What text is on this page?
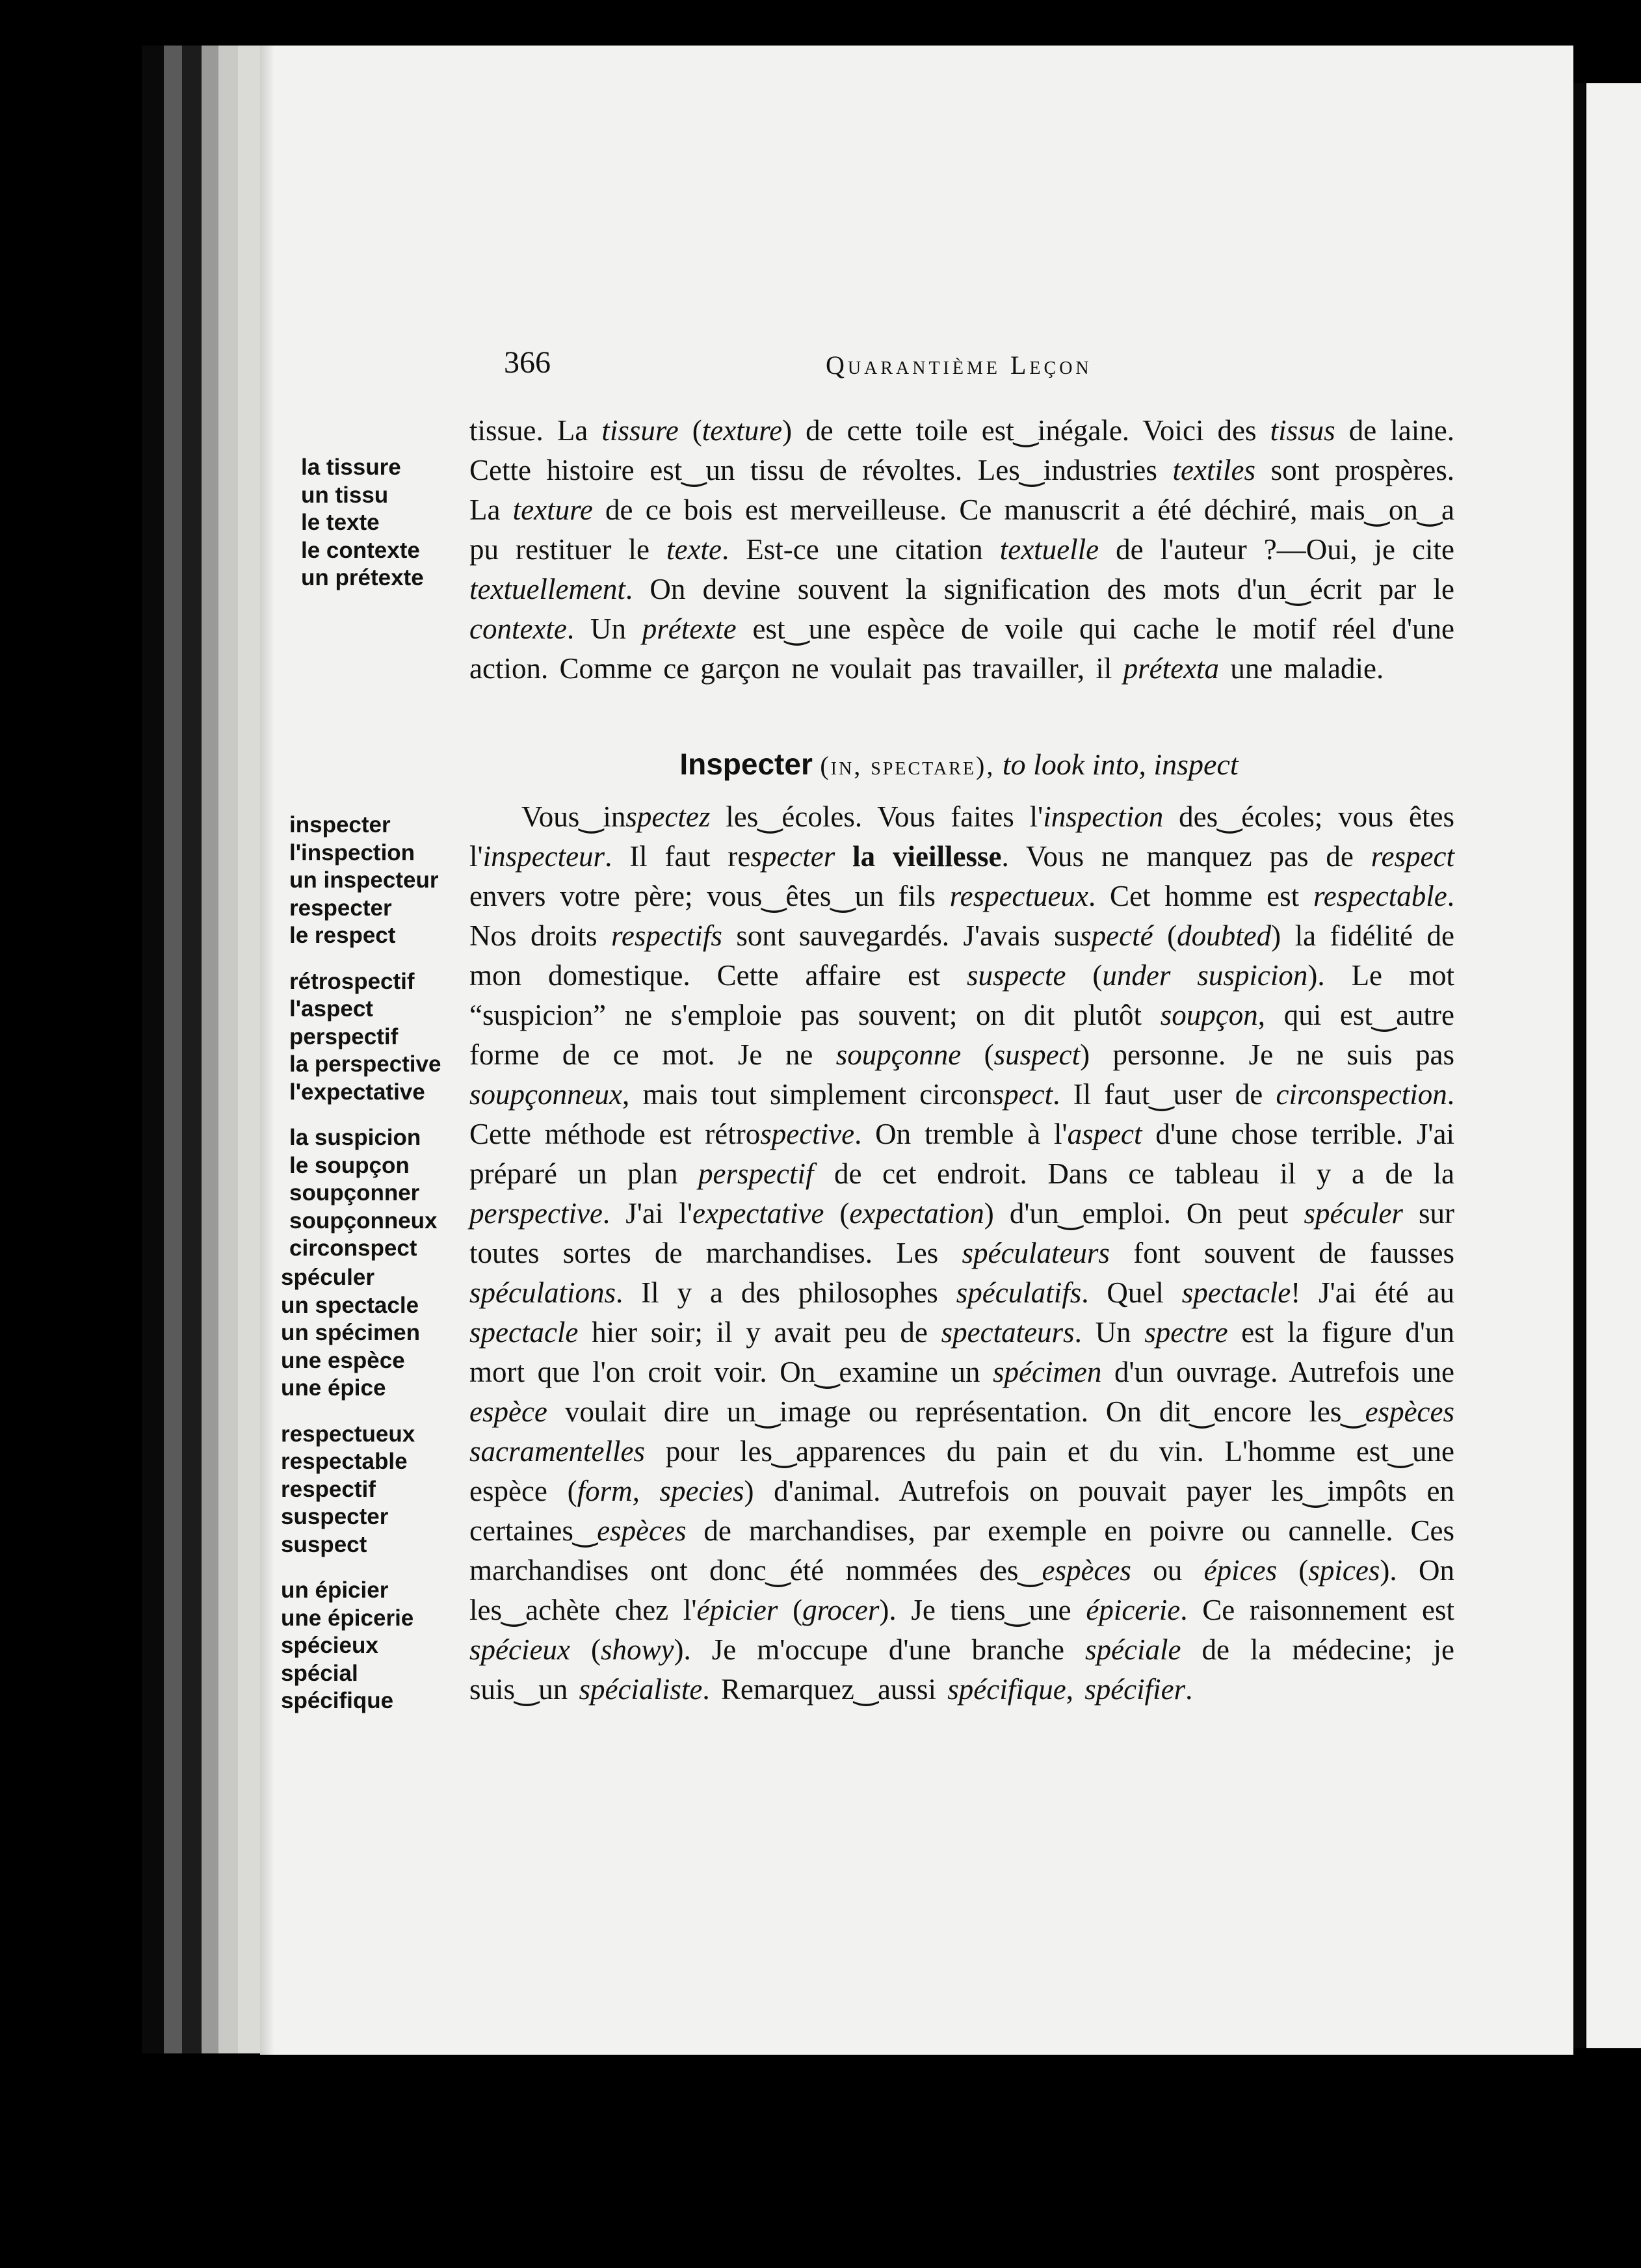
366	Quarantième Leçon
la tissure
un tissu
le texte
le contexte
un prétexte
inspecter
l'inspection
un inspecteur
respecter
le respect
rétrospectif
l'aspect
perspectif
la perspective
l'expectative
la suspicion
le soupçon
soupçonner
soupçonneux
circonspect
spéculer
un spectacle
un spécimen
une espèce
une épice
respectueux
respectable
respectif
suspecter
suspect
un épicier
une épicerie
spécieux
spécial
spécifique
tissue. La tissure (texture) de cette toile est‿inégale. Voici des tissus de laine. Cette histoire est‿un tissu de révoltes. Les‿industries textiles sont prospères. La texture de ce bois est merveilleuse. Ce manuscrit a été déchiré, mais‿on‿a pu restituer le texte. Est-ce une citation textuelle de l'auteur ?—Oui, je cite textuellement. On devine souvent la signification des mots d'un‿écrit par le contexte. Un prétexte est‿une espèce de voile qui cache le motif réel d'une action. Comme ce garçon ne voulait pas travailler, il prétexta une maladie.
Inspecter (in, spectare), to look into, inspect
Vous‿inspectez les‿écoles. Vous faites l'inspection des‿écoles; vous êtes l'inspecteur. Il faut respecter la vieillesse. Vous ne manquez pas de respect envers votre père; vous‿êtes‿un fils respectueux. Cet homme est respectable. Nos droits respectifs sont sauvegardés. J'avais suspecté (doubted) la fidélité de mon domestique. Cette affaire est suspecte (under suspicion). Le mot “suspicion” ne s'emploie pas souvent; on dit plutôt soupçon, qui est‿autre forme de ce mot. Je ne soupçonne (suspect) personne. Je ne suis pas soupçonneux, mais tout simplement circonspect. Il faut‿user de circonspection. Cette méthode est rétrospective. On tremble à l'aspect d'une chose terrible. J'ai préparé un plan perspectif de cet endroit. Dans ce tableau il y a de la perspective. J'ai l'expectative (expectation) d'un‿emploi. On peut spéculer sur toutes sortes de marchandises. Les spéculateurs font souvent de fausses spéculations. Il y a des philosophes spéculatifs. Quel spectacle! J'ai été au spectacle hier soir; il y avait peu de spectateurs. Un spectre est la figure d'un mort que l'on croit voir. On‿examine un spécimen d'un ouvrage. Autrefois une espèce voulait dire un‿image ou représentation. On dit‿encore les‿espèces sacramentelles pour les‿apparences du pain et du vin. L'homme est‿une espèce (form, species) d'animal. Autrefois on pouvait payer les‿impôts en certaines‿espèces de marchandises, par exemple en poivre ou cannelle. Ces marchandises ont donc‿été nommées des‿espèces ou épices (spices). On les‿achète chez l'épicier (grocer). Je tiens‿une épicerie. Ce raisonnement est spécieux (showy). Je m'occupe d'une branche spéciale de la médecine; je suis‿un spécialiste. Remarquez‿aussi spécifique, spécifier.
